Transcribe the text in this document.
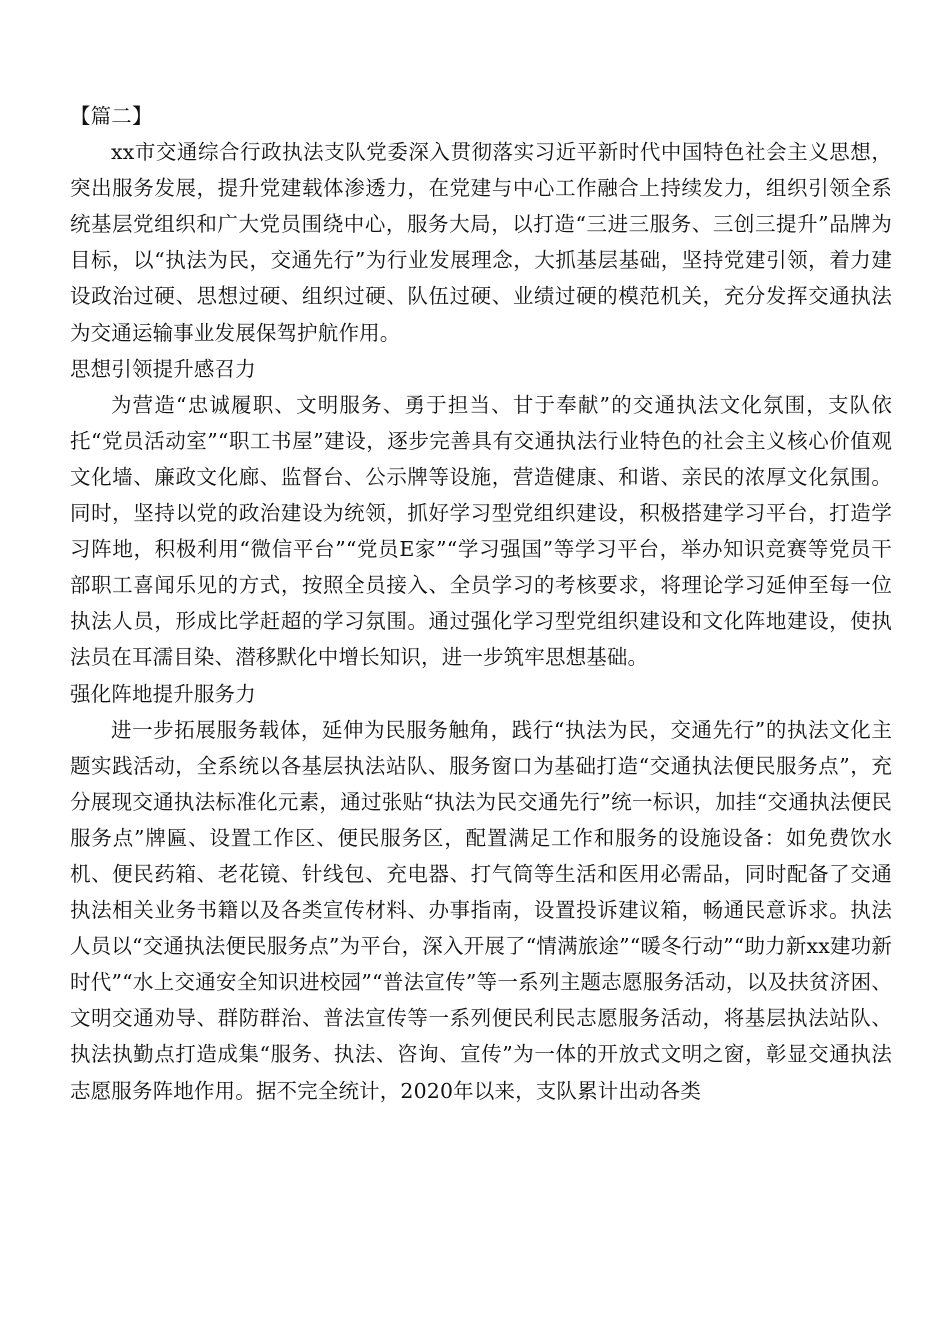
【篇二】

xx市交通综合行政执法支队党委深入贯彻落实习近平新时代中国特色社会主义思想，突出服务发展，提升党建载体渗透力，在党建与中心工作融合上持续发力，组织引领全系统基层党组织和广大党员围绕中心，服务大局，以打造“三进三服务、三创三提升”品牌为目标，以“执法为民，交通先行”为行业发展理念，大抓基层基础，坚持党建引领，着力建设政治过硬、思想过硬、组织过硬、队伍过硬、业绩过硬的模范机关，充分发挥交通执法为交通运输事业发展保驾护航作用。

思想引领提升感召力

为营造“忠诚履职、文明服务、勇于担当、甘于奉献”的交通执法文化氛围，支队依托“党员活动室”“职工书屋”建设，逐步完善具有交通执法行业特色的社会主义核心价值观文化墙、廉政文化廊、监督台、公示牌等设施，营造健康、和谐、亲民的浓厚文化氛围。同时，坚持以党的政治建设为统领，抓好学习型党组织建设，积极搭建学习平台，打造学习阵地，积极利用“微信平台”“党员E家”“学习强国”等学习平台，举办知识竞赛等党员干部职工喜闻乐见的方式，按照全员接入、全员学习的考核要求，将理论学习延伸至每一位执法人员，形成比学赶超的学习氛围。通过强化学习型党组织建设和文化阵地建设，使执法员在耳濡目染、潜移默化中增长知识，进一步筑牢思想基础。

强化阵地提升服务力

进一步拓展服务载体，延伸为民服务触角，践行“执法为民，交通先行”的执法文化主题实践活动，全系统以各基层执法站队、服务窗口为基础打造“交通执法便民服务点”，充分展现交通执法标准化元素，通过张贴“执法为民交通先行”统一标识，加挂“交通执法便民服务点”牌匾、设置工作区、便民服务区，配置满足工作和服务的设施设备：如免费饮水机、便民药箱、老花镜、针线包、充电器、打气筒等生活和医用必需品，同时配备了交通执法相关业务书籍以及各类宣传材料、办事指南，设置投诉建议箱，畅通民意诉求。执法人员以“交通执法便民服务点”为平台，深入开展了“情满旅途”“暖冬行动”“助力新xx建功新时代”“水上交通安全知识进校园”“普法宣传”等一系列主题志愿服务活动，以及扶贫济困、文明交通劝导、群防群治、普法宣传等一系列便民利民志愿服务活动，将基层执法站队、执法执勤点打造成集“服务、执法、咨询、宣传”为一体的开放式文明之窗，彰显交通执法志愿服务阵地作用。据不完全统计，2020年以来，支队累计出动各类
